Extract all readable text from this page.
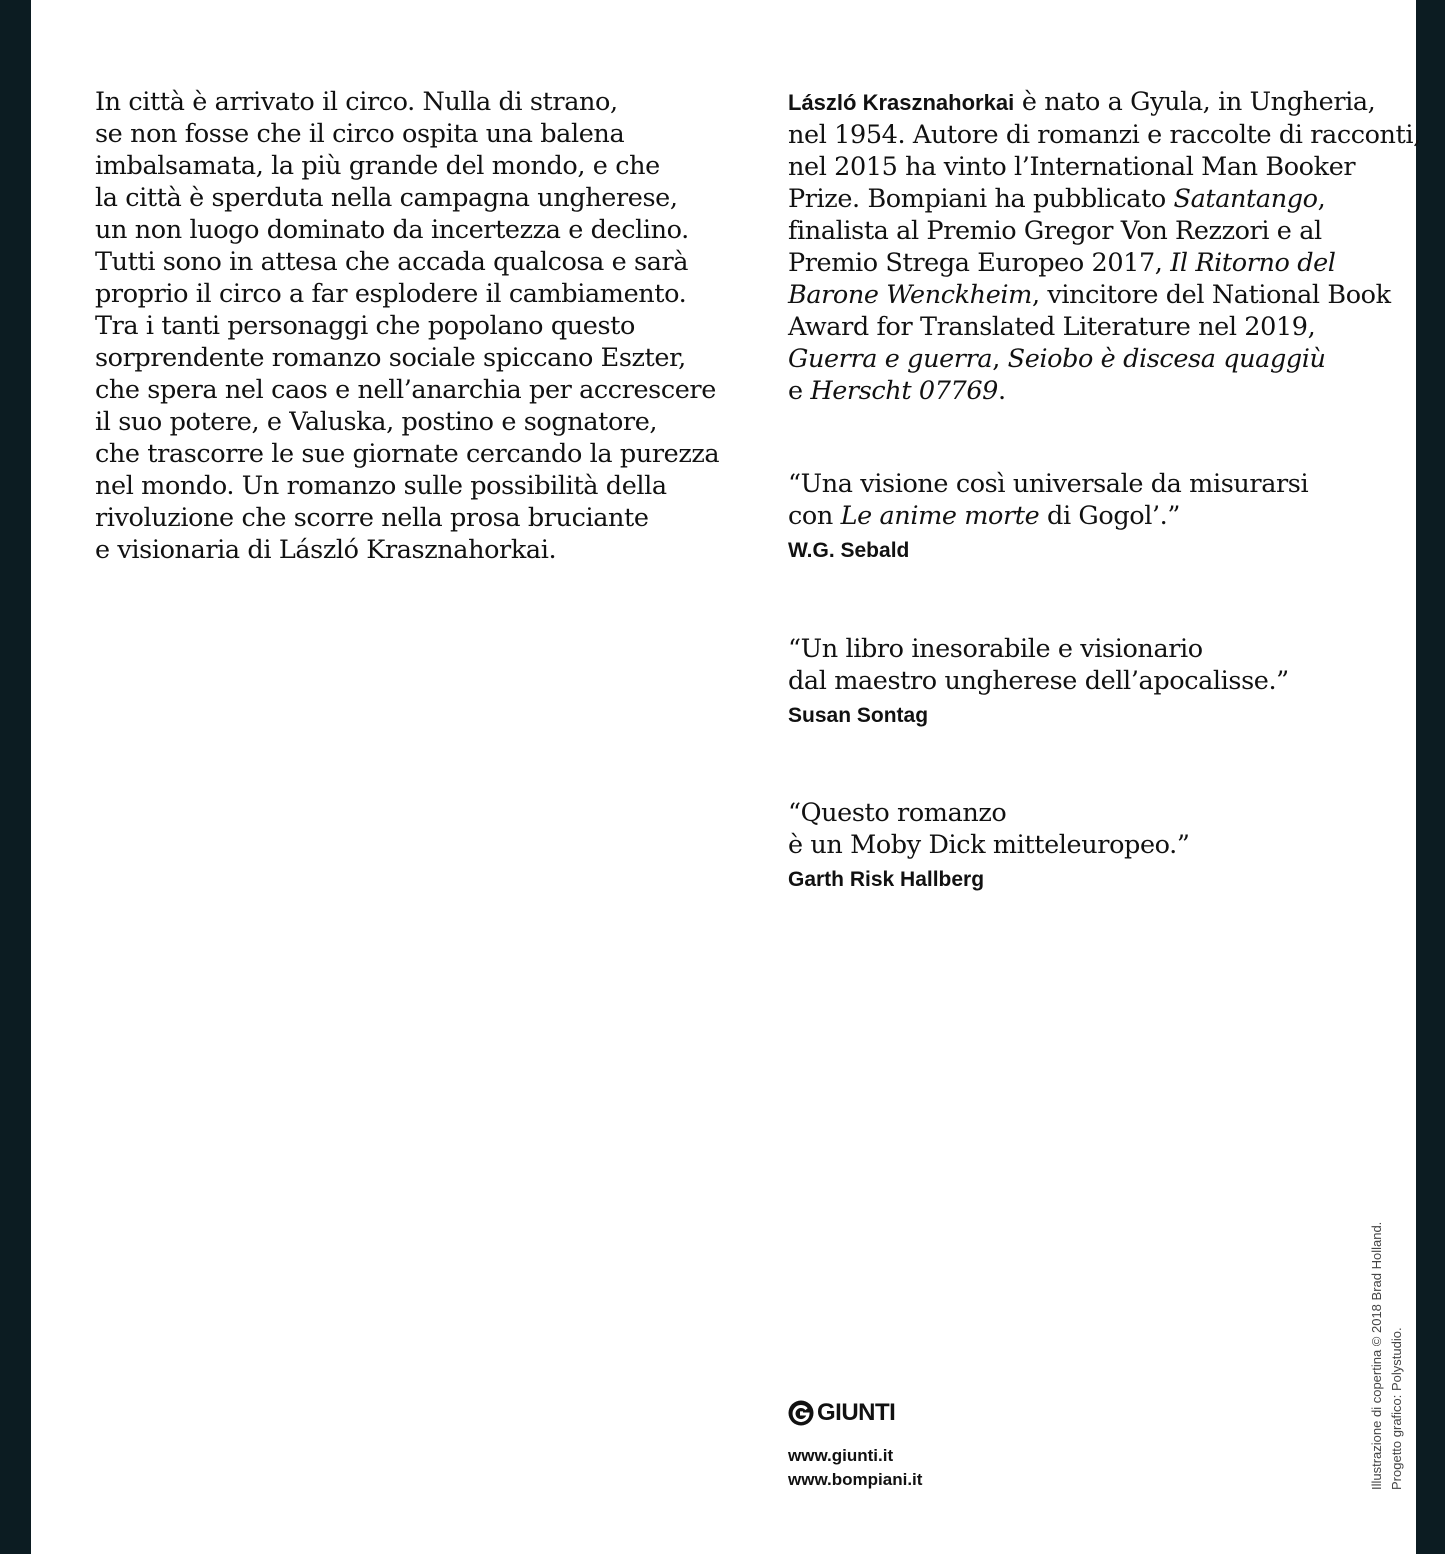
In città è arrivato il circo. Nulla di strano,
se non fosse che il circo ospita una balena
imbalsamata, la più grande del mondo, e che
la città è sperduta nella campagna ungherese,
un non luogo dominato da incertezza e declino.
Tutti sono in attesa che accada qualcosa e sarà
proprio il circo a far esplodere il cambiamento.
Tra i tanti personaggi che popolano questo
sorprendente romanzo sociale spiccano Eszter,
che spera nel caos e nell’anarchia per accrescere
il suo potere, e Valuska, postino e sognatore,
che trascorre le sue giornate cercando la purezza
nel mondo. Un romanzo sulle possibilità della
rivoluzione che scorre nella prosa bruciante
e visionaria di László Krasznahorkai.
László Krasznahorkai è nato a Gyula, in Ungheria,
nel 1954. Autore di romanzi e raccolte di racconti,
nel 2015 ha vinto l’International Man Booker
Prize. Bompiani ha pubblicato Satantango,
finalista al Premio Gregor Von Rezzori e al
Premio Strega Europeo 2017, Il Ritorno del
Barone Wenckheim, vincitore del National Book
Award for Translated Literature nel 2019,
Guerra e guerra, Seiobo è discesa quaggiù
e Herscht 07769.
“Una visione così universale da misurarsi
con Le anime morte di Gogol’.”
W.G. Sebald
“Un libro inesorabile e visionario
dal maestro ungherese dell’apocalisse.”
Susan Sontag
“Questo romanzo
è un Moby Dick mitteleuropeo.”
Garth Risk Hallberg
GIUNTI
www.giunti.it
www.bompiani.it	Illustrazione di copertina © 2018 Brad Holland. Progetto grafico: Polystudio.
